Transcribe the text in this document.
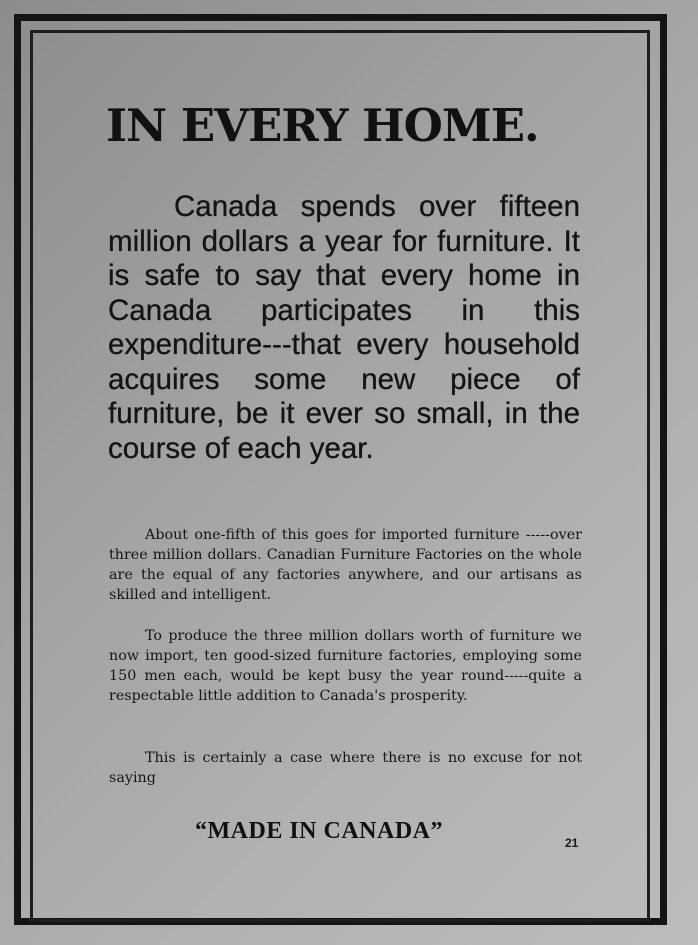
IN EVERY HOME.

Canada spends over fifteen million dollars a year for furniture. It is safe to say that every home in Canada participates in this expenditure---that every household acquires some new piece of furniture, be it ever so small, in the course of each year.

About one-fifth of this goes for imported furniture -----over three million dollars. Canadian Furniture Factories on the whole are the equal of any factories anywhere, and our artisans as skilled and intelligent.

To produce the three million dollars worth of furniture we now import, ten good-sized furniture factories, employing some 150 men each, would be kept busy the year round-----quite a respectable little addition to Canada's prosperity.

This is certainly a case where there is no excuse for not saying

“MADE IN CANADA”	21
